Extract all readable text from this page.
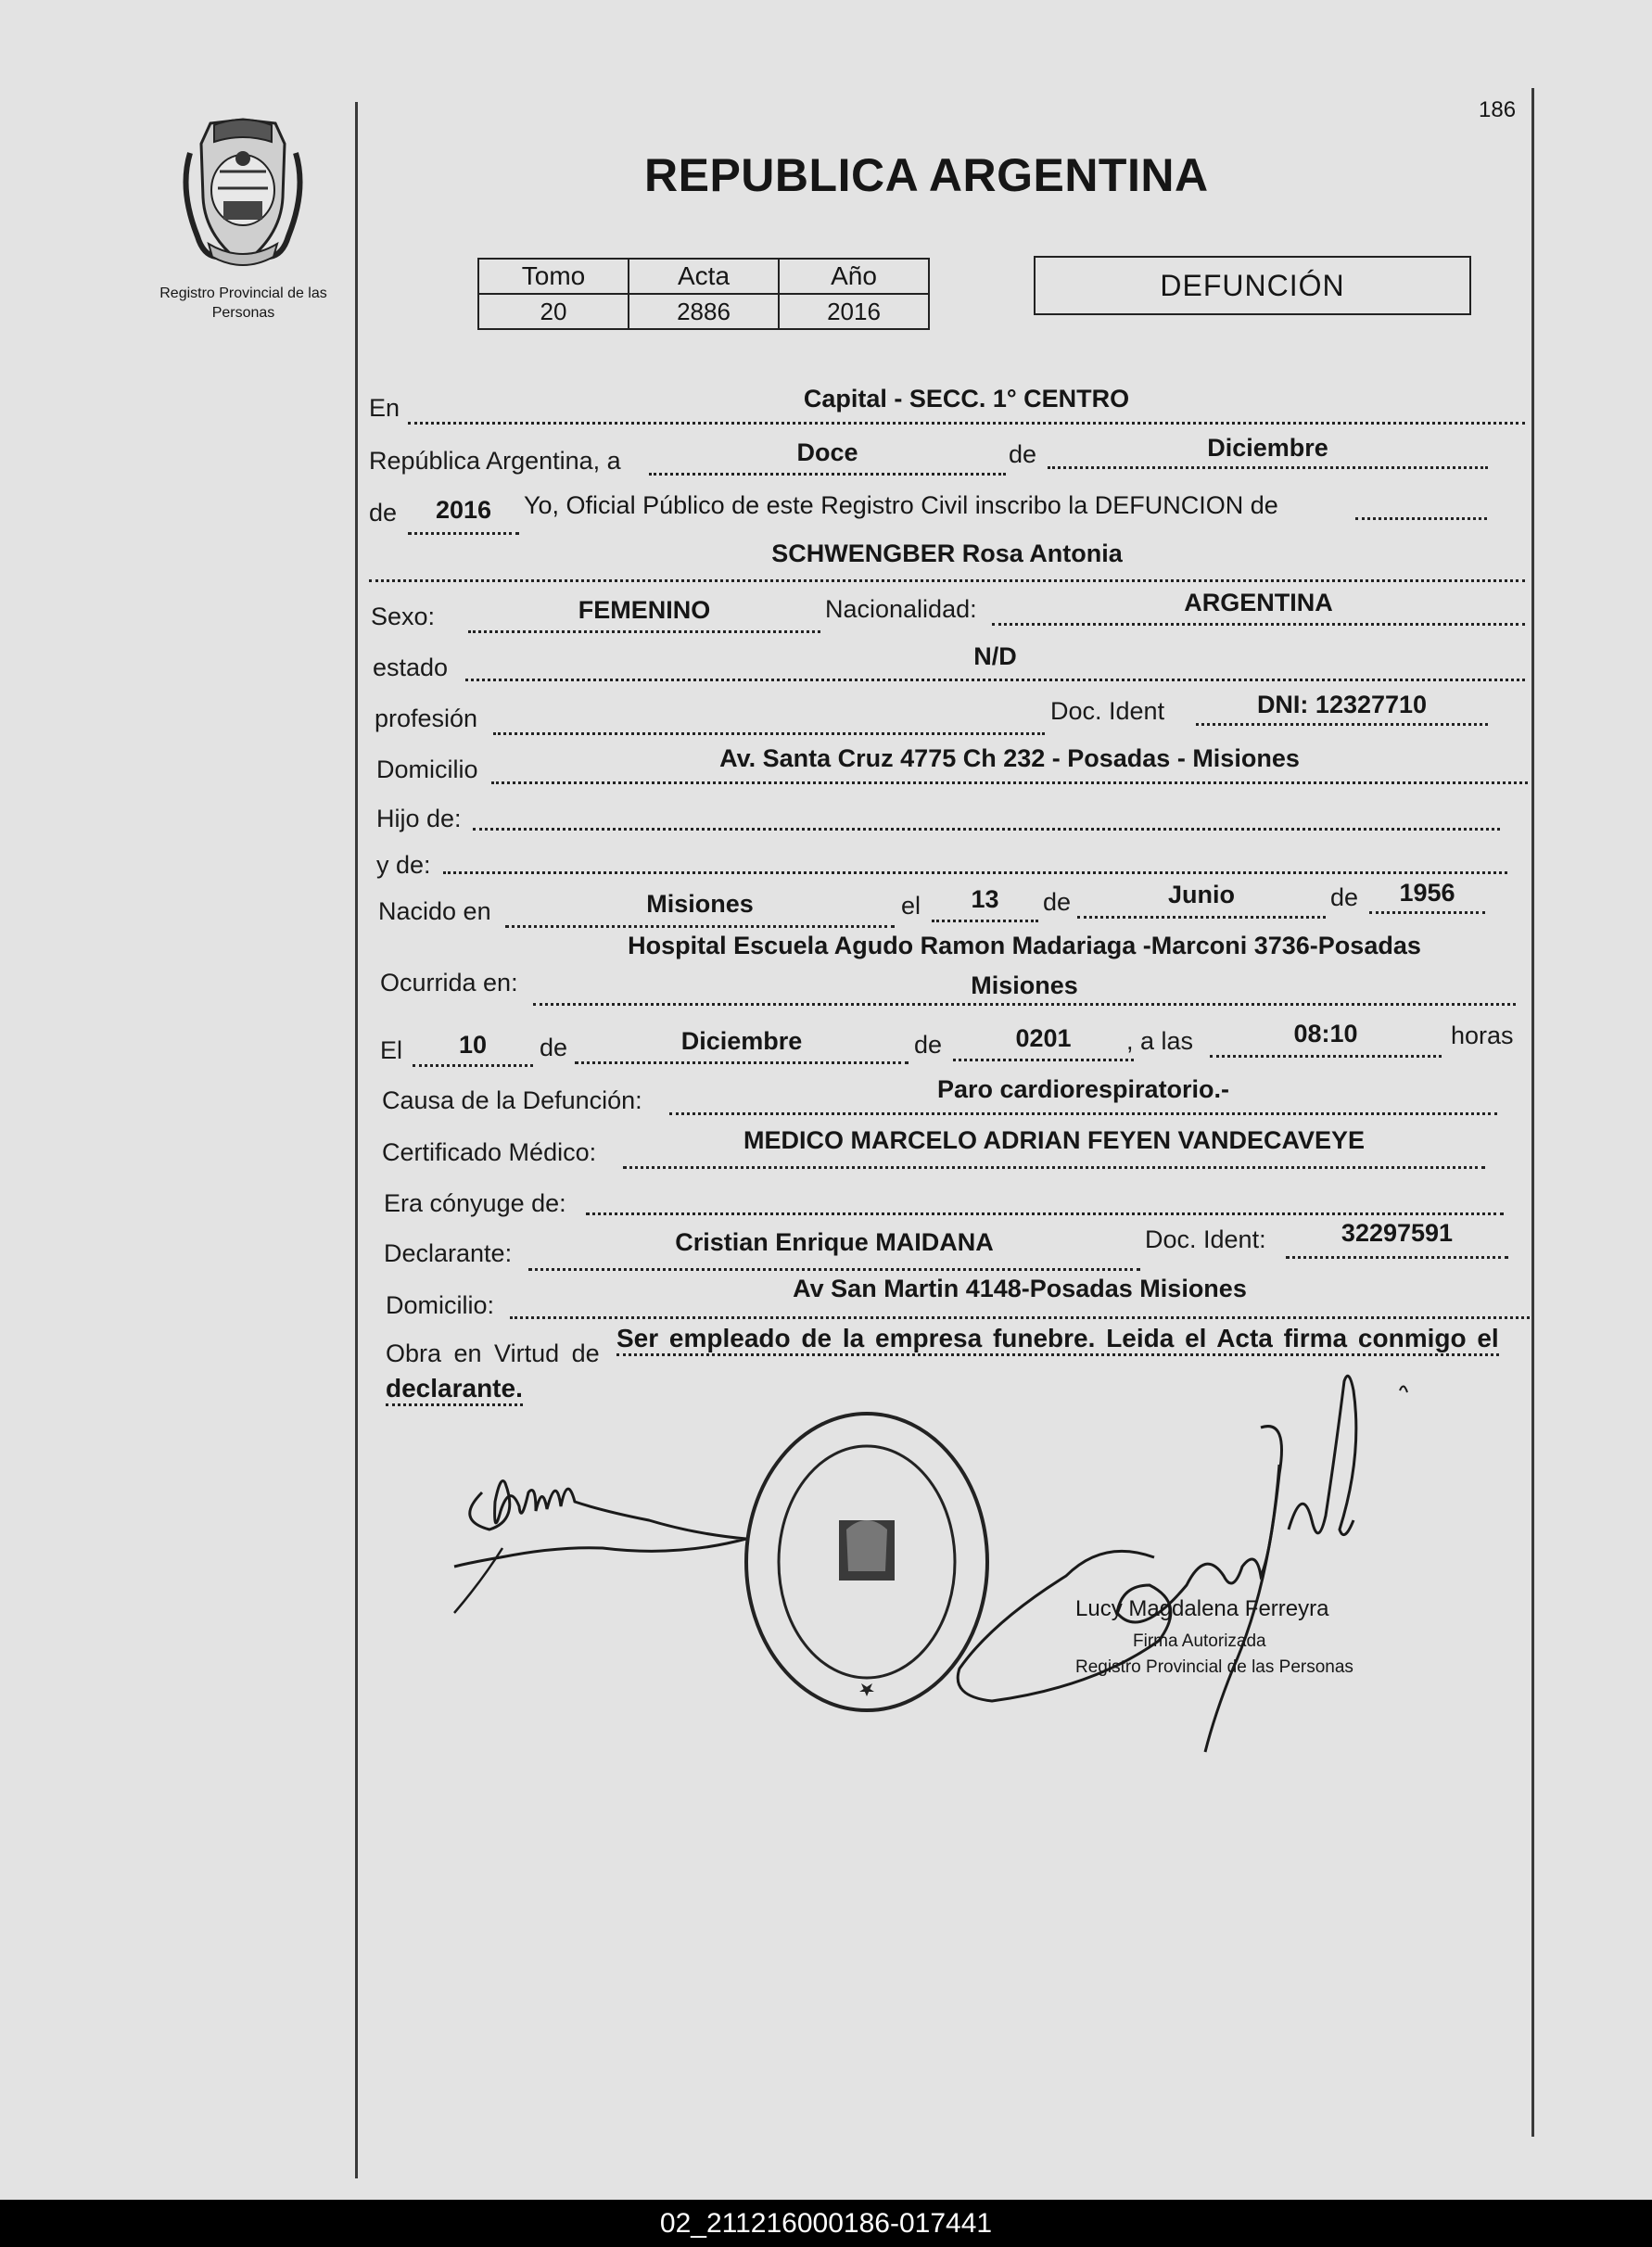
186
Registro Provincial de las Personas
REPUBLICA ARGENTINA
Tomo	Acta	Año
20	2886	2016
DEFUNCIÓN
En	Capital - SECC. 1° CENTRO
República Argentina, a	Doce	de	Diciembre
de	2016	Yo, Oficial Público de este Registro Civil inscribo la DEFUNCION de
SCHWENGBER Rosa Antonia
Sexo:	FEMENINO	Nacionalidad:	ARGENTINA
estado	N/D
profesión	Doc. Ident	DNI: 12327710
Domicilio	Av. Santa Cruz 4775 Ch 232 - Posadas - Misiones
Hijo de:
y de:
Nacido en	Misiones	el	13	de	Junio	de	1956
Ocurrida en:
Hospital Escuela Agudo Ramon Madariaga -Marconi 3736-Posadas
Misiones
El	10	de	Diciembre	de	0201	, a las	08:10	horas
Causa de la Defunción:	Paro cardiorespiratorio.-
Certificado Médico:	MEDICO MARCELO ADRIAN FEYEN VANDECAVEYE
Era cónyuge de:
Declarante:	Cristian Enrique MAIDANA	Doc. Ident:	32297591
Domicilio:
Av San Martin 4148-Posadas Misiones
Obra en Virtud de
Ser empleado de la empresa funebre. Leida el Acta firma conmigo el
declarante.
Lucy Magdalena Ferreyra
Firma Autorizada
Registro Provincial de las Personas
02_211216000186-017441
